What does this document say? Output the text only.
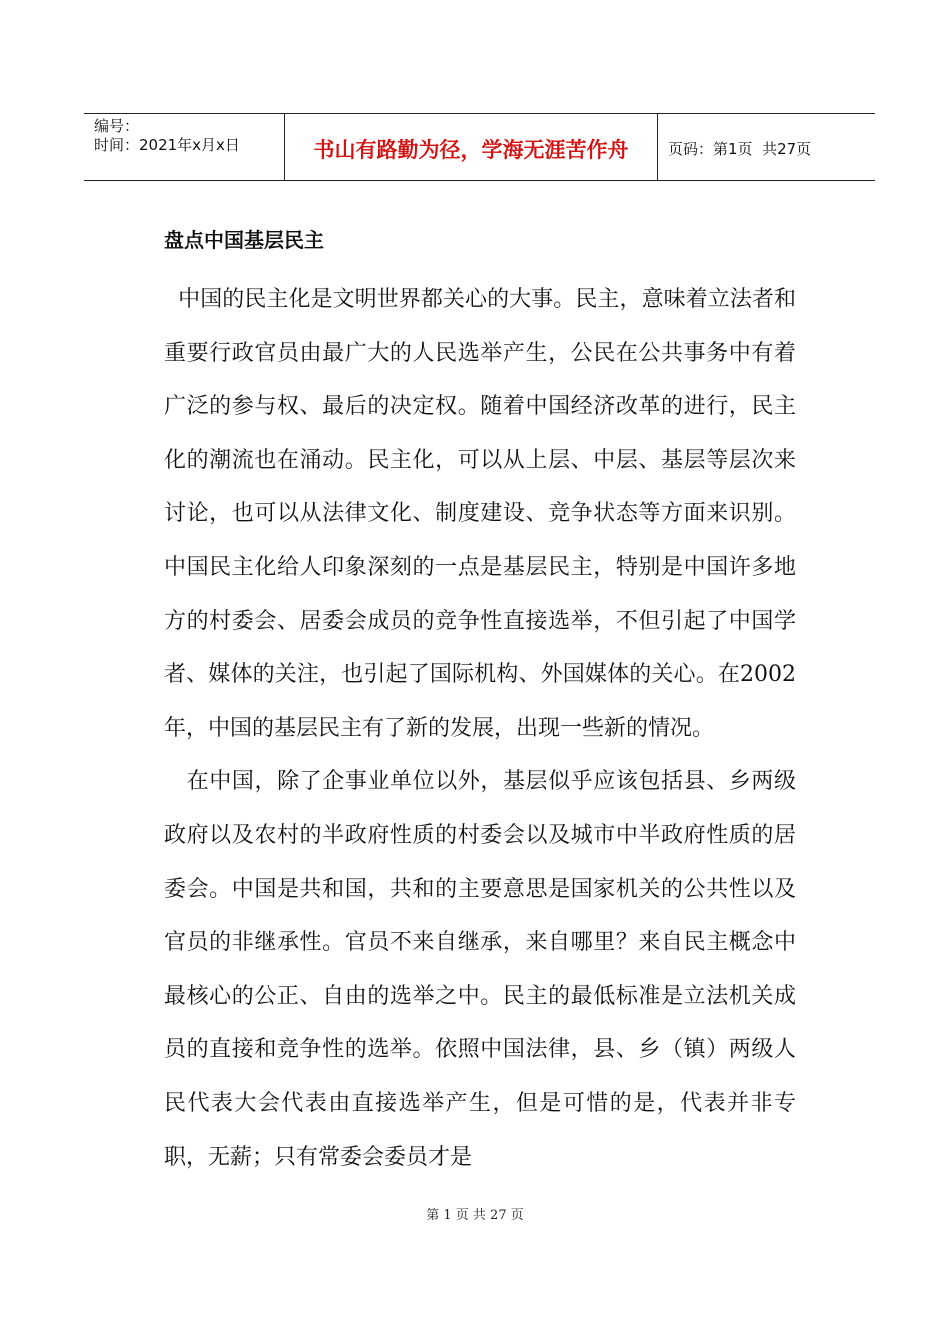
编号：
时间：2021年x月x日	书山有路勤为径，学海无涯苦作舟	页码：第1页  共27页
盘点中国基层民主

中国的民主化是文明世界都关心的大事。民主，意味着立法者和重要行政官员由最广大的人民选举产生，公民在公共事务中有着广泛的参与权、最后的决定权。随着中国经济改革的进行，民主化的潮流也在涌动。民主化，可以从上层、中层、基层等层次来讨论，也可以从法律文化、制度建设、竞争状态等方面来识别。中国民主化给人印象深刻的一点是基层民主，特别是中国许多地方的村委会、居委会成员的竞争性直接选举，不但引起了中国学者、媒体的关注，也引起了国际机构、外国媒体的关心。在2002年，中国的基层民主有了新的发展，出现一些新的情况。

在中国，除了企事业单位以外，基层似乎应该包括县、乡两级政府以及农村的半政府性质的村委会以及城市中半政府性质的居委会。中国是共和国，共和的主要意思是国家机关的公共性以及官员的非继承性。官员不来自继承，来自哪里？来自民主概念中最核心的公正、自由的选举之中。民主的最低标准是立法机关成员的直接和竞争性的选举。依照中国法律，县、乡（镇）两级人民代表大会代表由直接选举产生，但是可惜的是，代表并非专职，无薪；只有常委会委员才是

第 1 页 共 27 页
